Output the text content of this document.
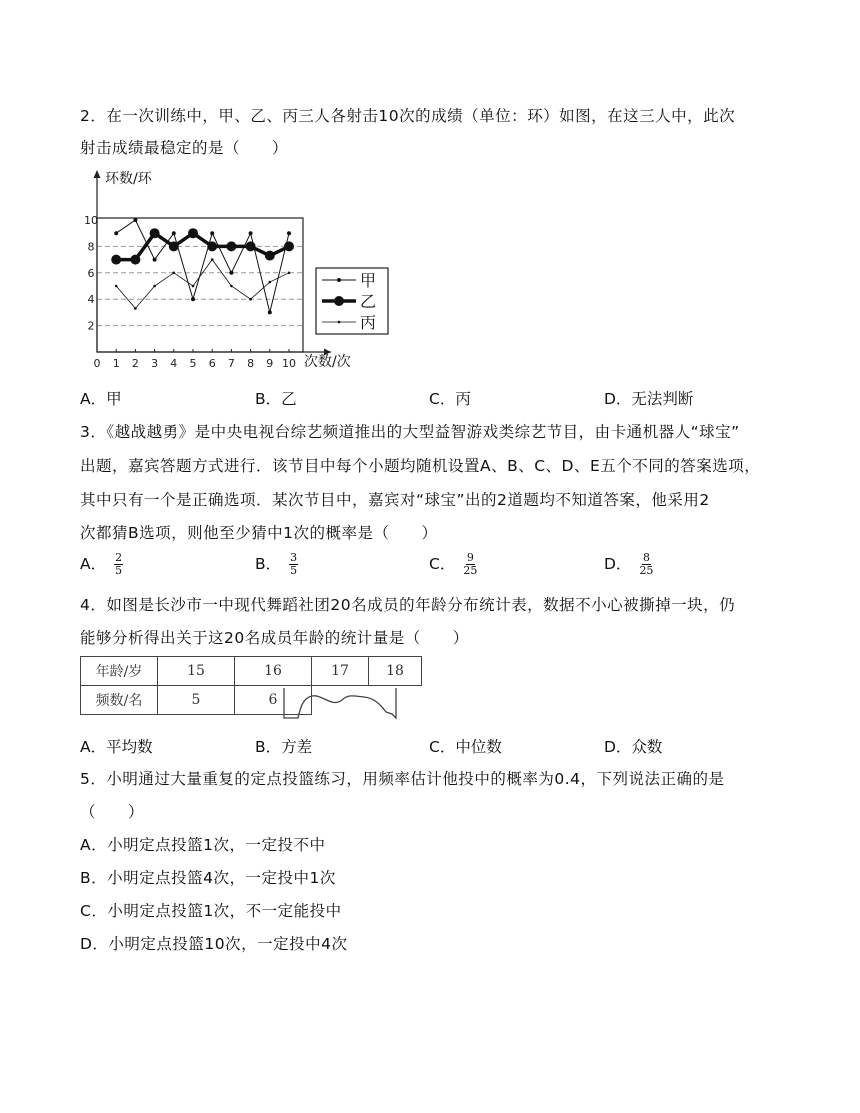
2．在一次训练中，甲、乙、丙三人各射击10次的成绩（单位：环）如图，在这三人中，此次
射击成绩最稳定的是（　　）
环数/环
次数/次
0 1 2 3 4 5 6 7 8 9 10
2
4
6
8
10
甲
乙
丙
A．甲	B．乙	C．丙	D．无法判断
3．《越战越勇》是中央电视台综艺频道推出的大型益智游戏类综艺节目，由卡通机器人“球宝”
出题，嘉宾答题方式进行．该节目中每个小题均随机设置A、B、C、D、E五个不同的答案选项，
其中只有一个是正确选项．某次节目中，嘉宾对“球宝”出的2道题均不知道答案，他采用2
次都猜B选项，则他至少猜中1次的概率是（　　）
A． $\frac{2}{5}$	B． $\frac{3}{5}$	C． $\frac{9}{25}$	D． $\frac{8}{25}$
4．如图是长沙市一中现代舞蹈社团20名成员的年龄分布统计表，数据不小心被撕掉一块，仍
能够分析得出关于这20名成员年龄的统计量是（　　）
年龄/岁	15	16	17	18
频数/名	5	6		
A．平均数	B．方差	C．中位数	D．众数
5．小明通过大量重复的定点投篮练习，用频率估计他投中的概率为0.4，下列说法正确的是
（　　）
A．小明定点投篮1次，一定投不中
B．小明定点投篮4次，一定投中1次
C．小明定点投篮1次，不一定能投中
D．小明定点投篮10次，一定投中4次
